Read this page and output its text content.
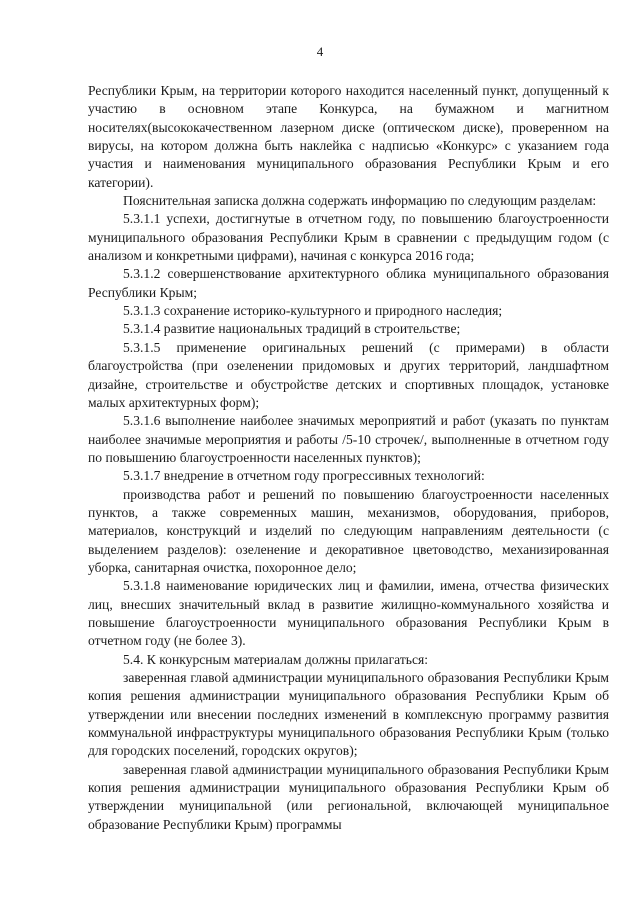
4

Республики Крым, на территории которого находится населенный пункт, допущенный к участию в основном этапе Конкурса, на бумажном и магнитном носителях(высококачественном лазерном диске (оптическом диске), проверенном на вирусы, на котором должна быть наклейка с надписью «Конкурс» с указанием года участия и наименования муниципального образования Республики Крым и его категории).

Пояснительная записка должна содержать информацию по следующим разделам:

5.3.1.1 успехи, достигнутые в отчетном году, по повышению благоустроенности муниципального образования Республики Крым в сравнении с предыдущим годом (с анализом и конкретными цифрами), начиная с конкурса 2016 года;

5.3.1.2 совершенствование архитектурного облика муниципального образования Республики Крым;

5.3.1.3 сохранение историко-культурного и природного наследия;

5.3.1.4 развитие национальных традиций в строительстве;

5.3.1.5 применение оригинальных решений (с примерами) в области благоустройства (при озеленении придомовых и других территорий, ландшафтном дизайне, строительстве и обустройстве детских и спортивных площадок, установке малых архитектурных форм);

5.3.1.6 выполнение наиболее значимых мероприятий и работ (указать по пунктам наиболее значимые мероприятия и работы /5-10 строчек/, выполненные в отчетном году по повышению благоустроенности населенных пунктов);

5.3.1.7 внедрение в отчетном году прогрессивных технологий:

производства работ и решений по повышению благоустроенности населенных пунктов, а также современных машин, механизмов, оборудования, приборов, материалов, конструкций и изделий по следующим направлениям деятельности (с выделением разделов): озеленение и декоративное цветоводство, механизированная уборка, санитарная очистка, похоронное дело;

5.3.1.8 наименование юридических лиц и фамилии, имена, отчества физических лиц, внесших значительный вклад в развитие жилищно-коммунального хозяйства и повышение благоустроенности муниципального образования Республики Крым в отчетном году (не более 3).

5.4. К конкурсным материалам должны прилагаться:

заверенная главой администрации муниципального образования Республики Крым копия решения администрации муниципального образования Республики Крым об утверждении или внесении последних изменений в комплексную программу развития коммунальной инфраструктуры муниципального образования Республики Крым (только для городских поселений, городских округов);

заверенная главой администрации муниципального образования Республики Крым копия решения администрации муниципального образования Республики Крым об утверждении муниципальной (или региональной, включающей муниципальное образование Республики Крым) программы
